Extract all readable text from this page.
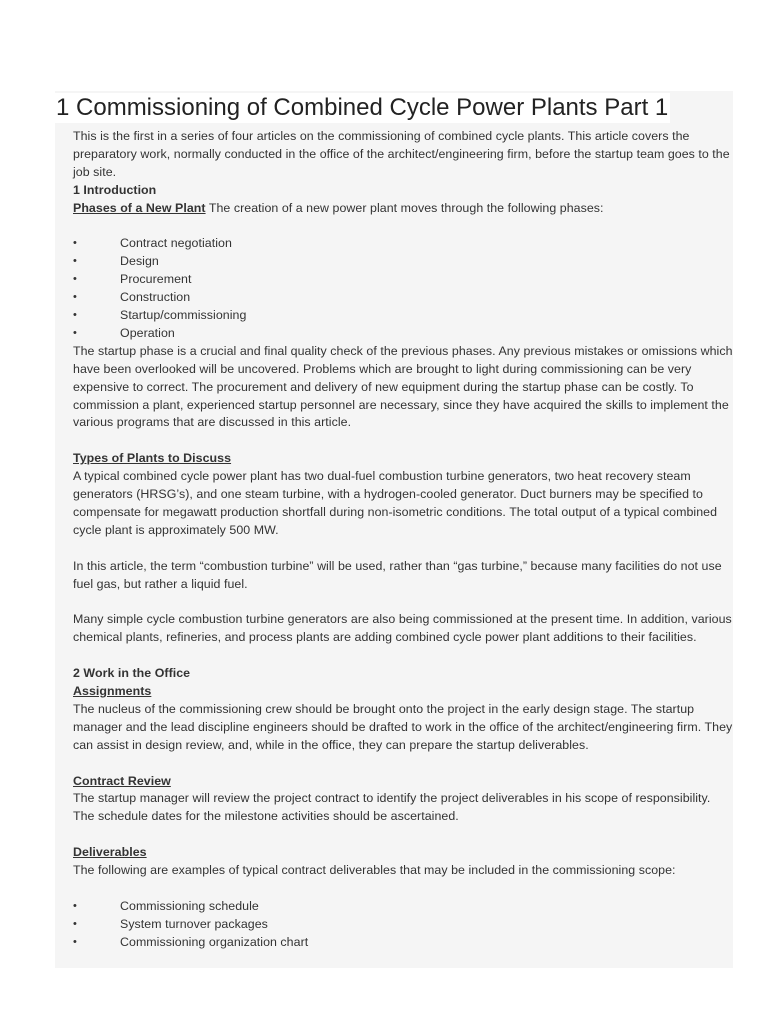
1 Commissioning of Combined Cycle Power Plants Part 1

This is the first in a series of four articles on the commissioning of combined cycle plants. This article covers the preparatory work, normally conducted in the office of the architect/engineering firm, before the startup team goes to the job site.

1 Introduction

Phases of a New Plant The creation of a new power plant moves through the following phases:

•	Contract negotiation
•	Design
•	Procurement
•	Construction
•	Startup/commissioning
•	Operation

The startup phase is a crucial and final quality check of the previous phases. Any previous mistakes or omissions which have been overlooked will be uncovered. Problems which are brought to light during commissioning can be very expensive to correct. The procurement and delivery of new equipment during the startup phase can be costly. To commission a plant, experienced startup personnel are necessary, since they have acquired the skills to implement the various programs that are discussed in this article.

Types of Plants to Discuss

A typical combined cycle power plant has two dual-fuel combustion turbine generators, two heat recovery steam generators (HRSG’s), and one steam turbine, with a hydrogen-cooled generator. Duct burners may be specified to compensate for megawatt production shortfall during non-isometric conditions. The total output of a typical combined cycle plant is approximately 500 MW.

In this article, the term “combustion turbine” will be used, rather than “gas turbine,” because many facilities do not use fuel gas, but rather a liquid fuel.

Many simple cycle combustion turbine generators are also being commissioned at the present time. In addition, various chemical plants, refineries, and process plants are adding combined cycle power plant additions to their facilities.

2 Work in the Office

Assignments

The nucleus of the commissioning crew should be brought onto the project in the early design stage. The startup manager and the lead discipline engineers should be drafted to work in the office of the architect/engineering firm. They can assist in design review, and, while in the office, they can prepare the startup deliverables.

Contract Review

The startup manager will review the project contract to identify the project deliverables in his scope of responsibility. The schedule dates for the milestone activities should be ascertained.

Deliverables

The following are examples of typical contract deliverables that may be included in the commissioning scope:

•	Commissioning schedule
•	System turnover packages
•	Commissioning organization chart
